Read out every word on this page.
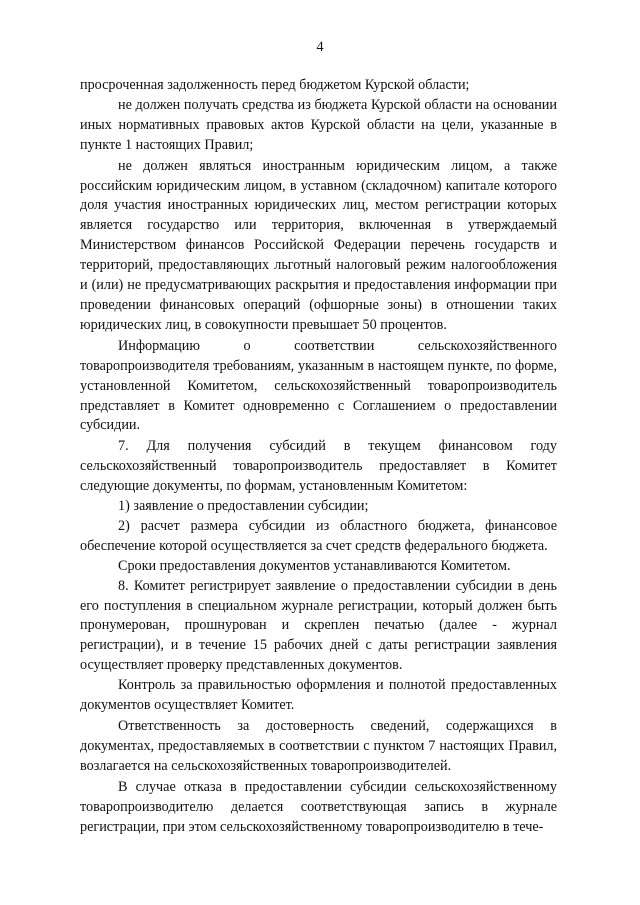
4

просроченная задолженность перед бюджетом Курской области;

не должен получать средства из бюджета Курской области на основании иных нормативных правовых актов Курской области на цели, указанные в пункте 1 настоящих Правил;

не должен являться иностранным юридическим лицом, а также российским юридическим лицом, в уставном (складочном) капитале которого доля участия иностранных юридических лиц, местом регистрации которых является государство или территория, включенная в утверждаемый Министерством финансов Российской Федерации перечень государств и территорий, предоставляющих льготный налоговый режим налогообложения и (или) не предусматривающих раскрытия и предоставления информации при проведении финансовых операций (офшорные зоны) в отношении таких юридических лиц, в совокупности превышает 50 процентов.

Информацию о соответствии сельскохозяйственного товаропроизводителя требованиям, указанным в настоящем пункте, по форме, установленной Комитетом, сельскохозяйственный товаропроизводитель представляет в Комитет одновременно с Соглашением о предоставлении субсидии.

7. Для получения субсидий в текущем финансовом году сельскохозяйственный товаропроизводитель предоставляет в Комитет следующие документы, по формам, установленным Комитетом:

1) заявление о предоставлении субсидии;

2) расчет размера субсидии из областного бюджета, финансовое обеспечение которой осуществляется за счет средств федерального бюджета.

Сроки предоставления документов устанавливаются Комитетом.

8. Комитет регистрирует заявление о предоставлении субсидии в день его поступления в специальном журнале регистрации, который должен быть пронумерован, прошнурован и скреплен печатью (далее - журнал регистрации), и в течение 15 рабочих дней с даты регистрации заявления осуществляет проверку представленных документов.

Контроль за правильностью оформления и полнотой предоставленных документов осуществляет Комитет.

Ответственность за достоверность сведений, содержащихся в документах, предоставляемых в соответствии с пунктом 7 настоящих Правил, возлагается на сельскохозяйственных товаропроизводителей.

В случае отказа в предоставлении субсидии сельскохозяйственному товаропроизводителю делается соответствующая запись в журнале регистрации, при этом сельскохозяйственному товаропроизводителю в тече-
